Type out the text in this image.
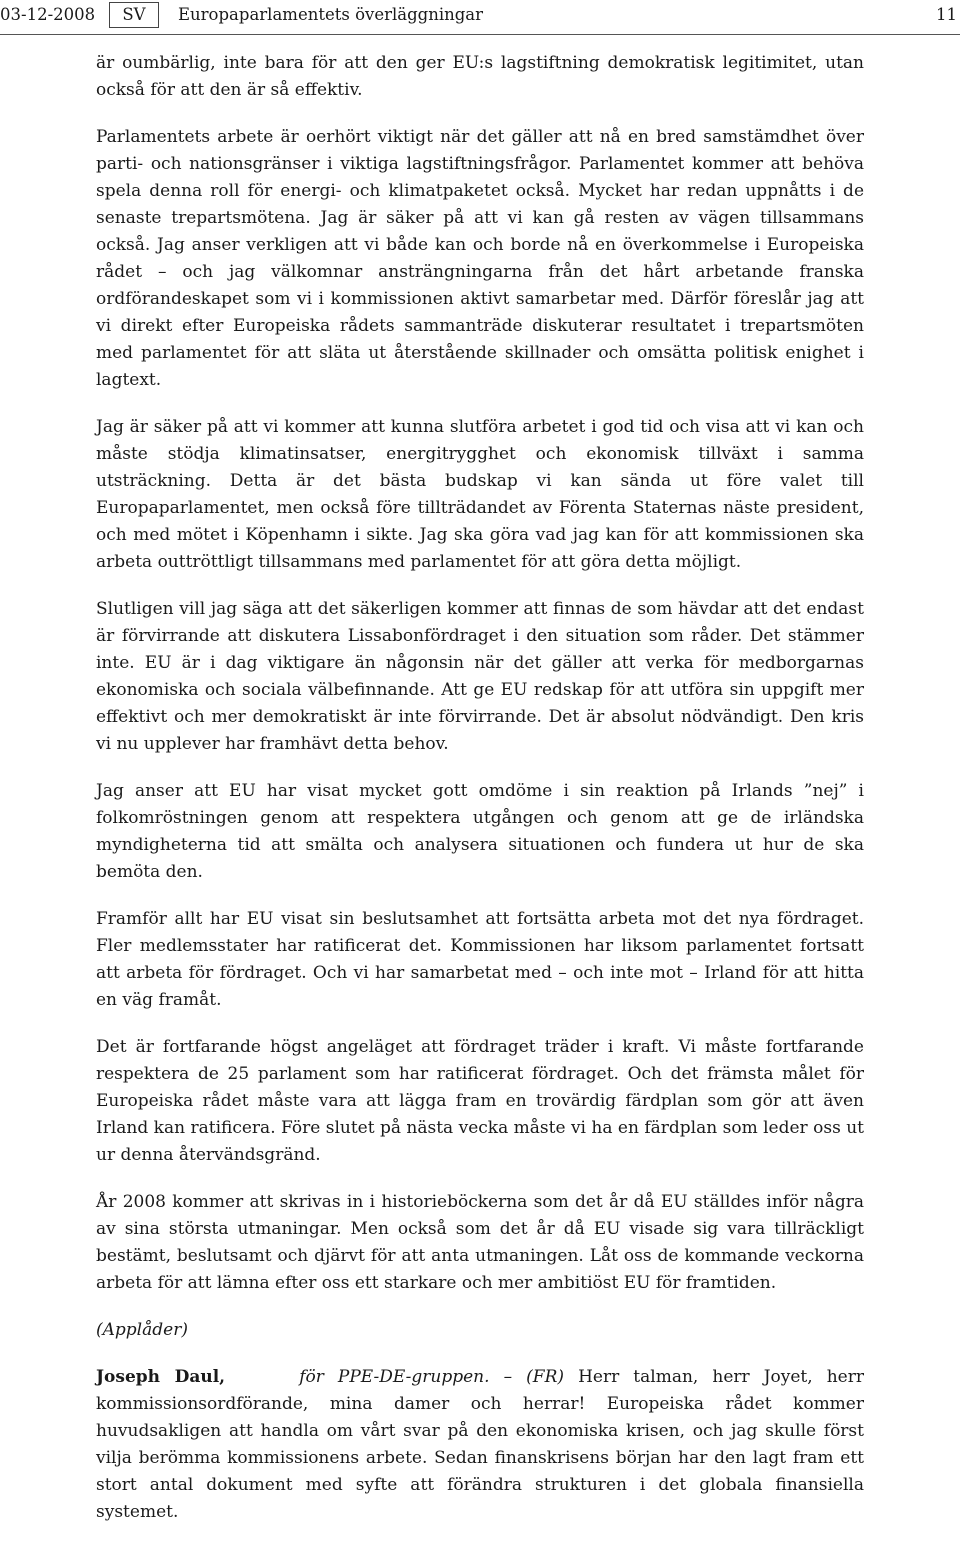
03-12-2008	SV	Europaparlamentets överläggningar	11

är oumbärlig, inte bara för att den ger EU:s lagstiftning demokratisk legitimitet, utan också för att den är så effektiv.

Parlamentets arbete är oerhört viktigt när det gäller att nå en bred samstämdhet över parti- och nationsgränser i viktiga lagstiftningsfrågor. Parlamentet kommer att behöva spela denna roll för energi- och klimatpaketet också. Mycket har redan uppnåtts i de senaste trepartsmötena. Jag är säker på att vi kan gå resten av vägen tillsammans också. Jag anser verkligen att vi både kan och borde nå en överkommelse i Europeiska rådet – och jag välkomnar ansträngningarna från det hårt arbetande franska ordförandeskapet som vi i kommissionen aktivt samarbetar med. Därför föreslår jag att vi direkt efter Europeiska rådets sammanträde diskuterar resultatet i trepartsmöten med parlamentet för att släta ut återstående skillnader och omsätta politisk enighet i lagtext.

Jag är säker på att vi kommer att kunna slutföra arbetet i god tid och visa att vi kan och måste stödja klimatinsatser, energitrygghet och ekonomisk tillväxt i samma utsträckning. Detta är det bästa budskap vi kan sända ut före valet till Europaparlamentet, men också före tillträdandet av Förenta Staternas näste president, och med mötet i Köpenhamn i sikte. Jag ska göra vad jag kan för att kommissionen ska arbeta outtröttligt tillsammans med parlamentet för att göra detta möjligt.

Slutligen vill jag säga att det säkerligen kommer att finnas de som hävdar att det endast är förvirrande att diskutera Lissabonfördraget i den situation som råder. Det stämmer inte. EU är i dag viktigare än någonsin när det gäller att verka för medborgarnas ekonomiska och sociala välbefinnande. Att ge EU redskap för att utföra sin uppgift mer effektivt och mer demokratiskt är inte förvirrande. Det är absolut nödvändigt. Den kris vi nu upplever har framhävt detta behov.

Jag anser att EU har visat mycket gott omdöme i sin reaktion på Irlands ”nej” i folkomröstningen genom att respektera utgången och genom att ge de irländska myndigheterna tid att smälta och analysera situationen och fundera ut hur de ska bemöta den.

Framför allt har EU visat sin beslutsamhet att fortsätta arbeta mot det nya fördraget. Fler medlemsstater har ratificerat det. Kommissionen har liksom parlamentet fortsatt att arbeta för fördraget. Och vi har samarbetat med – och inte mot – Irland för att hitta en väg framåt.

Det är fortfarande högst angeläget att fördraget träder i kraft. Vi måste fortfarande respektera de 25 parlament som har ratificerat fördraget. Och det främsta målet för Europeiska rådet måste vara att lägga fram en trovärdig färdplan som gör att även Irland kan ratificera. Före slutet på nästa vecka måste vi ha en färdplan som leder oss ut ur denna återvändsgränd.

År 2008 kommer att skrivas in i historieböckerna som det år då EU ställdes inför några av sina största utmaningar. Men också som det år då EU visade sig vara tillräckligt bestämt, beslutsamt och djärvt för att anta utmaningen. Låt oss de kommande veckorna arbeta för att lämna efter oss ett starkare och mer ambitiöst EU för framtiden.

(Applåder)

Joseph Daul,	för PPE-DE-gruppen. – (FR) Herr talman, herr Joyet, herr kommissionsordförande, mina damer och herrar! Europeiska rådet kommer huvudsakligen att handla om vårt svar på den ekonomiska krisen, och jag skulle först vilja berömma kommissionens arbete. Sedan finanskrisens början har den lagt fram ett stort antal dokument med syfte att förändra strukturen i det globala finansiella systemet.
